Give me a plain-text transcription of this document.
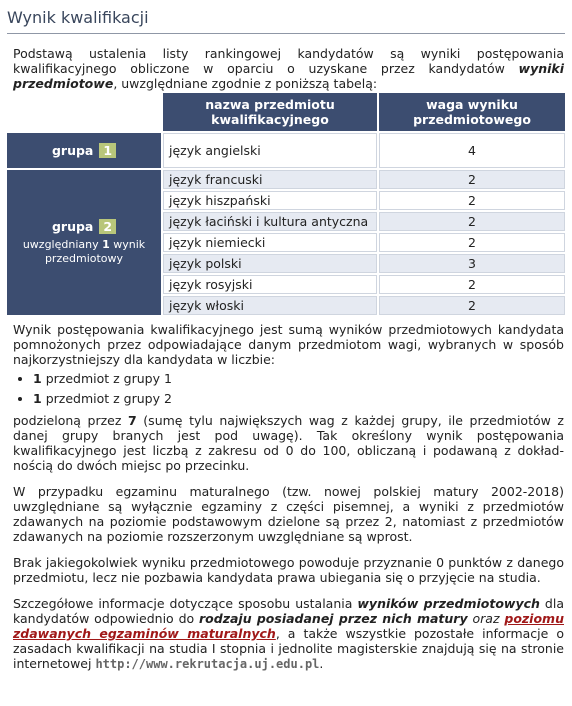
Wynik kwalifikacji

Podstawą ustalenia listy rankingowej kandydatów są wyniki postępowania kwalifikacyjnego obliczone w oparciu o uzyskane przez kandydatów wyniki przedmiotowe, uwzględniane zgodnie z poniższą tabelą:

	nazwa przedmiotu kwalifikacyjnego	waga wyniku przedmiotowego
grupa 1	język angielski	4
grupa 2
uwzględniany 1 wynik przedmiotowy	język francuski	2
	język hiszpański	2
	język łaciński i kultura antyczna	2
	język niemiecki	2
	język polski	3
	język rosyjski	2
	język włoski	2

Wynik postępowania kwalifikacyjnego jest sumą wyników przedmiotowych kandydata pomnożonych przez odpowiadające danym przedmiotom wagi, wybranych w sposób najkorzystniejszy dla kandydata w liczbie:

• 1 przedmiot z grupy 1
• 1 przedmiot z grupy 2

podzieloną przez 7 (sumę tylu największych wag z każdej grupy, ile przedmiotów z danej grupy branych jest pod uwagę). Tak określony wynik postępowania kwalifikacyjnego jest liczbą z zakresu od 0 do 100, obliczaną i podawaną z dokładnością do dwóch miejsc po przecinku.

W przypadku egzaminu maturalnego (tzw. nowej polskiej matury 2002-2018) uwzględniane są wyłącznie egzaminy z części pisemnej, a wyniki z przedmiotów zdawanych na poziomie podstawowym dzielone są przez 2, natomiast z przedmiotów zdawanych na poziomie rozszerzonym uwzględniane są wprost.

Brak jakiegokolwiek wyniku przedmiotowego powoduje przyznanie 0 punktów z danego przedmiotu, lecz nie pozbawia kandydata prawa ubiegania się o przyjęcie na studia.

Szczegółowe informacje dotyczące sposobu ustalania wyników przedmiotowych dla kandydatów odpowiednio do rodzaju posiadanej przez nich matury oraz poziomu zdawanych egzaminów maturalnych, a także wszystkie pozostałe informacje o zasadach kwalifikacji na studia I stopnia i jednolite magisterskie znajdują się na stronie internetowej http://www.rekrutacja.uj.edu.pl.
